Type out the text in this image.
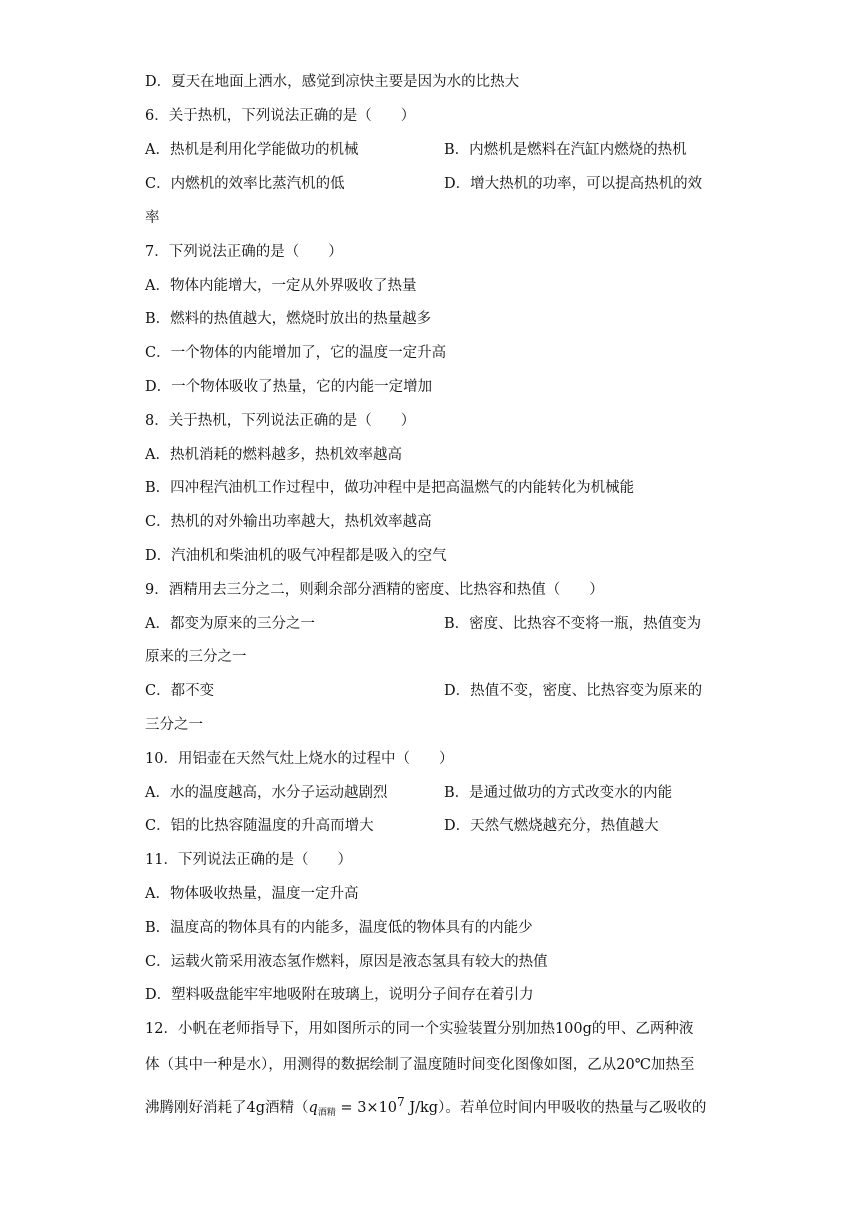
D．夏天在地面上洒水，感觉到凉快主要是因为水的比热大
6．关于热机，下列说法正确的是（　　）
A．热机是利用化学能做功的机械	B．内燃机是燃料在汽缸内燃烧的热机
C．内燃机的效率比蒸汽机的低	D．增大热机的功率，可以提高热机的效
率
7．下列说法正确的是（　　）
A．物体内能增大，一定从外界吸收了热量
B．燃料的热值越大，燃烧时放出的热量越多
C．一个物体的内能增加了，它的温度一定升高
D．一个物体吸收了热量，它的内能一定增加
8．关于热机，下列说法正确的是（　　）
A．热机消耗的燃料越多，热机效率越高
B．四冲程汽油机工作过程中，做功冲程中是把高温燃气的内能转化为机械能
C．热机的对外输出功率越大，热机效率越高
D．汽油机和柴油机的吸气冲程都是吸入的空气
9．酒精用去三分之二，则剩余部分酒精的密度、比热容和热值（　　）
A．都变为原来的三分之一	B．密度、比热容不变将一瓶，热值变为
原来的三分之一
C．都不变	D．热值不变，密度、比热容变为原来的
三分之一
10．用铝壶在天然气灶上烧水的过程中（　　）
A．水的温度越高，水分子运动越剧烈	B．是通过做功的方式改变水的内能
C．铝的比热容随温度的升高而增大	D．天然气燃烧越充分，热值越大
11．下列说法正确的是（　　）
A．物体吸收热量，温度一定升高
B．温度高的物体具有的内能多，温度低的物体具有的内能少
C．运载火箭采用液态氢作燃料，原因是液态氢具有较大的热值
D．塑料吸盘能牢牢地吸附在玻璃上，说明分子间存在着引力
12．小帆在老师指导下，用如图所示的同一个实验装置分别加热100g的甲、乙两种液
体（其中一种是水），用测得的数据绘制了温度随时间变化图像如图，乙从20℃加热至
沸腾刚好消耗了4g酒精（$q_{酒精} = 3\times 10^7$ J/kg）。若单位时间内甲吸收的热量与乙吸收的
